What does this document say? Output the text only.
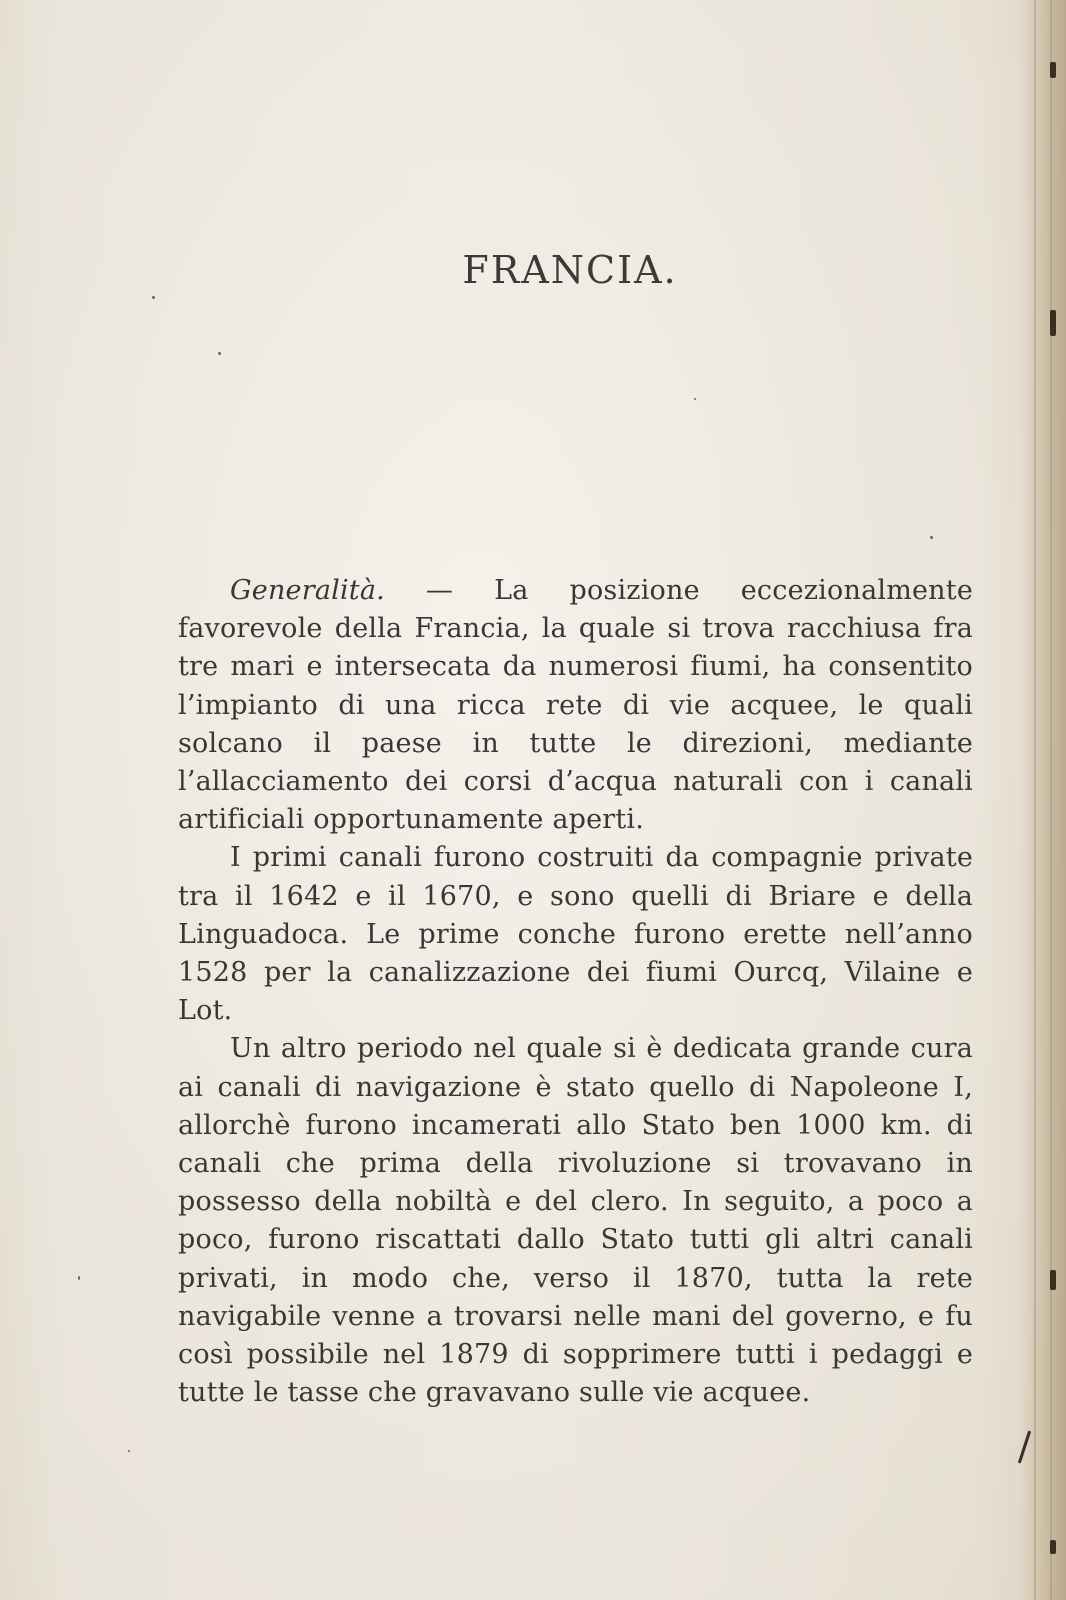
FRANCIA.

Generalità. — La posizione eccezionalmente favorevole della Francia, la quale si trova racchiusa fra tre mari e intersecata da numerosi fiumi, ha consentito l’impianto di una ricca rete di vie acquee, le quali solcano il paese in tutte le direzioni, mediante l’allacciamento dei corsi d’acqua naturali con i canali artificiali opportunamente aperti.

I primi canali furono costruiti da compagnie private tra il 1642 e il 1670, e sono quelli di Briare e della Linguadoca. Le prime conche furono erette nell’anno 1528 per la canalizzazione dei fiumi Ourcq, Vilaine e Lot.

Un altro periodo nel quale si è dedicata grande cura ai canali di navigazione è stato quello di Napoleone I, allorchè furono incamerati allo Stato ben 1000 km. di canali che prima della rivoluzione si trovavano in possesso della nobiltà e del clero. In seguito, a poco a poco, furono riscattati dallo Stato tutti gli altri canali privati, in modo che, verso il 1870, tutta la rete navigabile venne a trovarsi nelle mani del governo, e fu così possibile nel 1879 di sopprimere tutti i pedaggi e tutte le tasse che gravavano sulle vie acquee.
